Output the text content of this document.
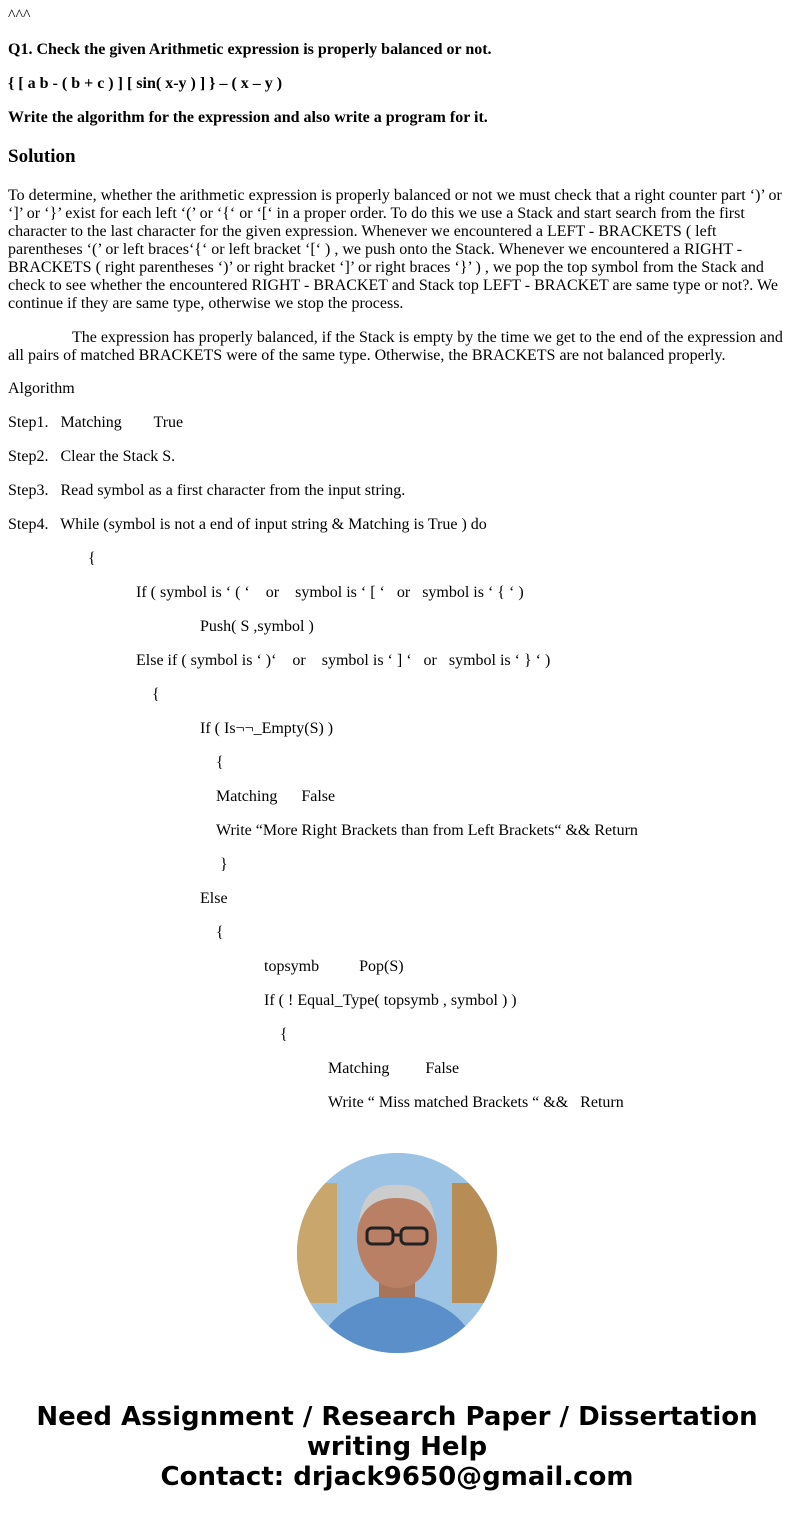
^^^
Q1. Check the given Arithmetic expression is properly balanced or not.
{ [ a b - ( b + c ) ] [ sin( x-y ) ] } – ( x – y )
Write the algorithm for the expression and also write a program for it.
Solution
To determine, whether the arithmetic expression is properly balanced or not we must check that a right counter part ‘)’ or ‘]’ or ‘}’ exist for each left ‘(’ or ‘{‘ or ‘[‘ in a proper order. To do this we use a Stack and start search from the first character to the last character for the given expression. Whenever we encountered a LEFT - BRACKETS ( left parentheses ‘(’ or left braces‘{‘ or left bracket ‘[‘ ) , we push onto the Stack. Whenever we encountered a RIGHT - BRACKETS ( right parentheses ‘)’ or right bracket ‘]’ or right braces ‘}’ ) , we pop the top symbol from the Stack and check to see whether the encountered RIGHT - BRACKET and Stack top LEFT - BRACKET are same type or not?. We continue if they are same type, otherwise we stop the process.
The expression has properly balanced, if the Stack is empty by the time we get to the end of the expression and all pairs of matched BRACKETS were of the same type. Otherwise, the BRACKETS are not balanced properly.
Algorithm
Step1.   Matching        True
Step2.   Clear the Stack S.
Step3.   Read symbol as a first character from the input string.
Step4.   While (symbol is not a end of input string & Matching is True ) do
{
If ( symbol is ‘ ( ‘    or    symbol is ‘ [ ‘   or   symbol is ‘ { ‘ )
Push( S ,symbol )
Else if ( symbol is ‘ )‘    or    symbol is ‘ ] ‘   or   symbol is ‘ } ‘ )
{
If ( Is¬¬_Empty(S) )
{
Matching      False
Write “More Right Brackets than from Left Brackets“ && Return
}
Else
{
topsymb          Pop(S)
If ( ! Equal_Type( topsymb , symbol ) )
{
Matching         False
Write “ Miss matched Brackets “ &&   Return
Need Assignment / Research Paper / Dissertation
writing Help
Contact: drjack9650@gmail.com
